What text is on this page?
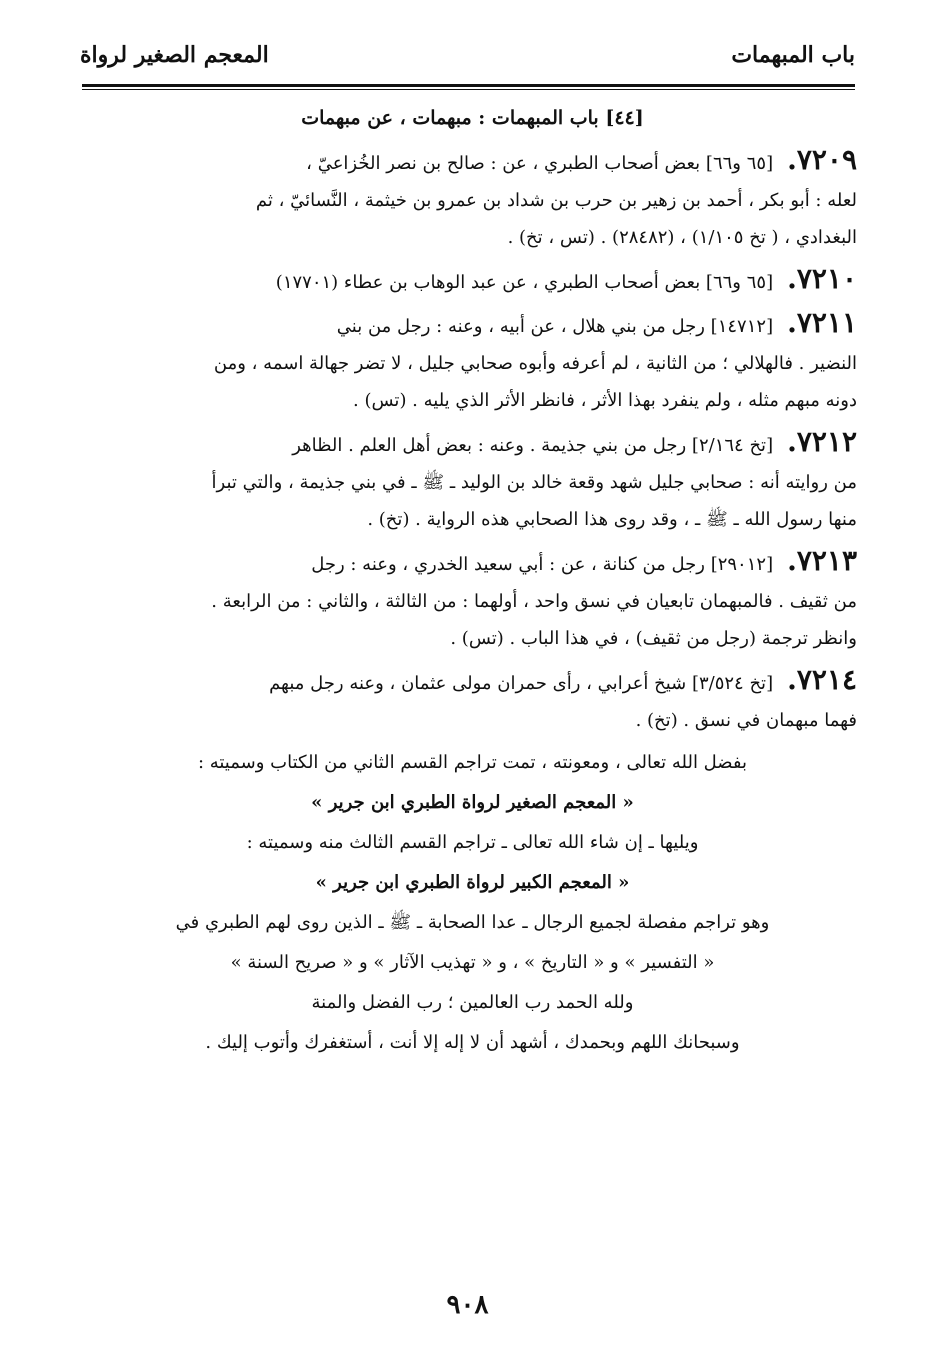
باب المبهمات
المعجم الصغير لرواة
[٤٤] باب المبهمات : مبهمات ، عن مبهمات
٧٢٠٩.[٦٥ و٦٦] بعض أصحاب الطبري ، عن : صالح بن نصر الخُزاعيّ ،
لعله : أبو بكر ، أحمد بن زهير بن حرب بن شداد بن عمرو بن خيثمة ، النَّسائيّ ، ثم
البغدادي ، ( تخ ١/١٠٥) ، (٢٨٤٨٢) . (تس ، تخ) .
٧٢١٠.[٦٥ و٦٦] بعض أصحاب الطبري ، عن عبد الوهاب بن عطاء (١٧٧٠١)
٧٢١١.[١٤٧١٢] رجل من بني هلال ، عن أبيه ، وعنه : رجل من بني
النضير . فالهلالي ؛ من الثانية ، لم أعرفه وأبوه صحابي جليل ، لا تضر جهالة اسمه ، ومن
دونه مبهم مثله ، ولم ينفرد بهذا الأثر ، فانظر الأثر الذي يليه . (تس) .
٧٢١٢.[تخ ٢/١٦٤] رجل من بني جذيمة . وعنه : بعض أهل العلم . الظاهر
من روايته أنه : صحابي جليل شهد وقعة خالد بن الوليد ـ ﷺ ـ في بني جذيمة ، والتي تبرأ
منها رسول الله ـ ﷺ ـ ، وقد روى هذا الصحابي هذه الرواية . (تخ) .
٧٢١٣.[٢٩٠١٢] رجل من كنانة ، عن : أبي سعيد الخدري ، وعنه : رجل
من ثقيف . فالمبهمان تابعيان في نسق واحد ، أولهما : من الثالثة ، والثاني : من الرابعة .
وانظر ترجمة (رجل من ثقيف) ، في هذا الباب . (تس) .
٧٢١٤.[تخ ٣/٥٢٤] شيخ أعرابي ، رأى حمران مولى عثمان ، وعنه رجل مبهم
فهما مبهمان في نسق . (تخ) .
بفضل الله تعالى ، ومعونته ، تمت تراجم القسم الثاني من الكتاب وسميته :
« المعجم الصغير لرواة الطبري ابن جرير »
ويليها ـ إن شاء الله تعالى ـ تراجم القسم الثالث منه وسميته :
« المعجم الكبير لرواة الطبري ابن جرير »
وهو تراجم مفصلة لجميع الرجال ـ عدا الصحابة ـ ﷺ ـ الذين روى لهم الطبري في
« التفسير » و « التاريخ » ، و « تهذيب الآثار » و « صريح السنة »
ولله الحمد رب العالمين ؛ رب الفضل والمنة
وسبحانك اللهم وبحمدك ، أشهد أن لا إله إلا أنت ، أستغفرك وأتوب إليك .
٩٠٨
